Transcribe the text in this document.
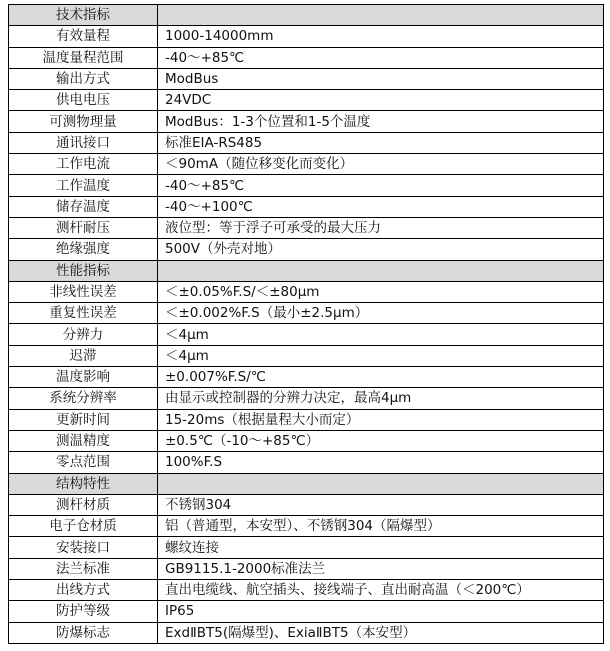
技术指标	
有效量程	1000-14000mm
温度量程范围	-40～+85℃
输出方式	ModBus
供电电压	24VDC
可测物理量	ModBus：1-3个位置和1-5个温度
通讯接口	标准EIA-RS485
工作电流	＜90mA（随位移变化而变化）
工作温度	-40～+85℃
储存温度	-40～+100℃
测杆耐压	液位型：等于浮子可承受的最大压力
绝缘强度	500V（外壳对地）
性能指标	
非线性误差	＜±0.05%F.S/＜±80μm
重复性误差	＜±0.002%F.S（最小±2.5μm）
分辨力	＜4μm
迟滞	＜4μm
温度影响	±0.007%F.S/℃
系统分辨率	由显示或控制器的分辨力决定，最高4μm
更新时间	15-20ms（根据量程大小而定）
测温精度	±0.5℃（-10～+85℃）
零点范围	100%F.S
结构特性	
测杆材质	不锈钢304
电子仓材质	铝（普通型，本安型）、不锈钢304（隔爆型）
安装接口	螺纹连接
法兰标准	GB9115.1-2000标准法兰
出线方式	直出电缆线、航空插头、接线端子、直出耐高温（＜200℃）
防护等级	IP65
防爆标志	ExdⅡBT5(隔爆型)、ExiaⅡBT5（本安型）
